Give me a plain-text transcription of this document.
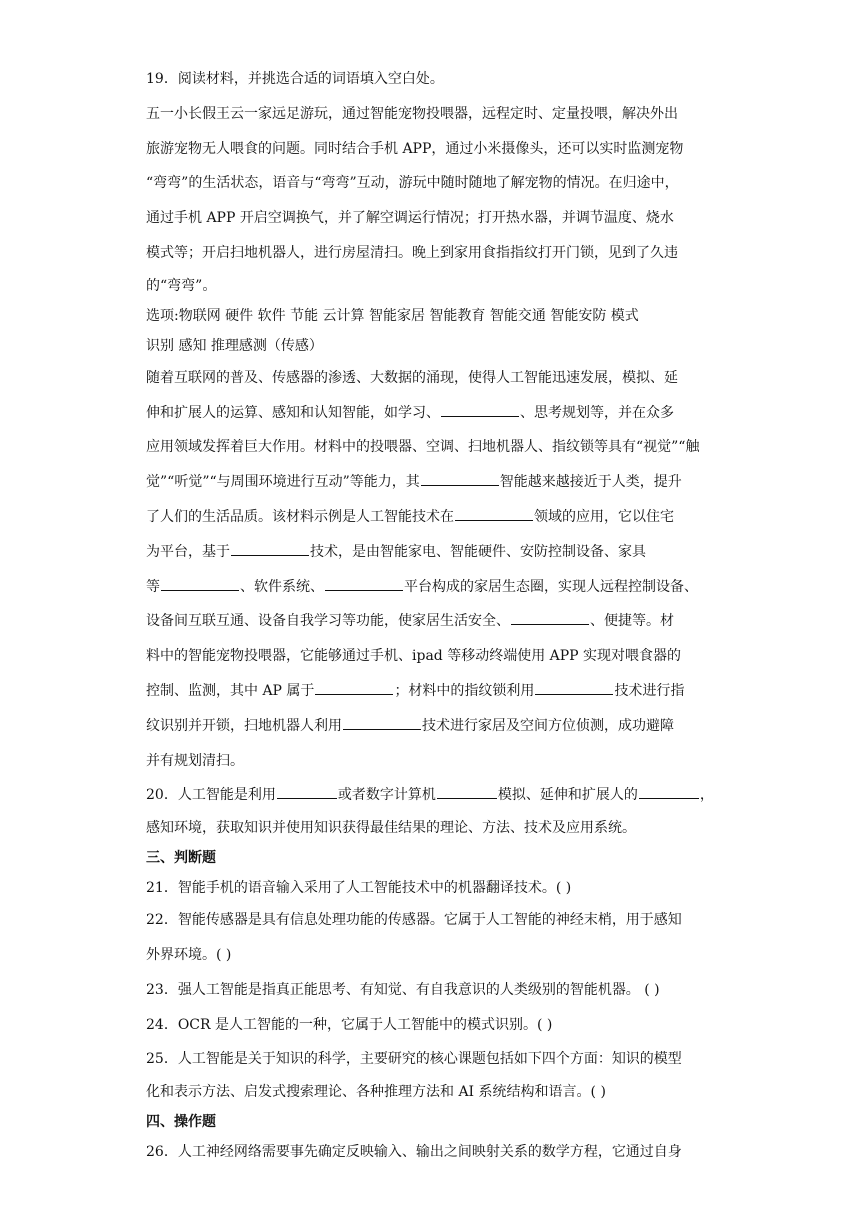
19．阅读材料，并挑选合适的词语填入空白处。

五一小长假王云一家远足游玩，通过智能宠物投喂器，远程定时、定量投喂，解决外出

旅游宠物无人喂食的问题。同时结合手机 APP，通过小米摄像头，还可以实时监测宠物

“弯弯”的生活状态，语音与“弯弯”互动，游玩中随时随地了解宠物的情况。在归途中，

通过手机 APP 开启空调换气，并了解空调运行情况；打开热水器，并调节温度、烧水

模式等；开启扫地机器人，进行房屋清扫。晚上到家用食指指纹打开门锁，见到了久违

的“弯弯”。

选项:物联网 硬件 软件 节能 云计算 智能家居 智能教育 智能交通 智能安防 模式

识别 感知 推理感测（传感）

随着互联网的普及、传感器的渗透、大数据的涌现，使得人工智能迅速发展，模拟、延

伸和扩展人的运算、感知和认知智能，如学习、	、思考规划等，并在众多

应用领域发挥着巨大作用。材料中的投喂器、空调、扫地机器人、指纹锁等具有“视觉”“触

觉”“听觉”“与周围环境进行互动”等能力，其	智能越来越接近于人类，提升

了人们的生活品质。该材料示例是人工智能技术在	领域的应用，它以住宅

为平台，基于	技术，是由智能家电、智能硬件、安防控制设备、家具

等	、软件系统、	平台构成的家居生态圈，实现人远程控制设备、

设备间互联互通、设备自我学习等功能，使家居生活安全、	、便捷等。材

料中的智能宠物投喂器，它能够通过手机、ipad 等移动终端使用 APP 实现对喂食器的

控制、监测，其中 AP 属于	；材料中的指纹锁利用	技术进行指

纹识别并开锁，扫地机器人利用	技术进行家居及空间方位侦测，成功避障

并有规划清扫。

20．人工智能是利用	或者数字计算机	模拟、延伸和扩展人的	，

感知环境，获取知识并使用知识获得最佳结果的理论、方法、技术及应用系统。

三、判断题

21．智能手机的语音输入采用了人工智能技术中的机器翻译技术。( )

22．智能传感器是具有信息处理功能的传感器。它属于人工智能的神经末梢，用于感知

外界环境。( )

23．强人工智能是指真正能思考、有知觉、有自我意识的人类级别的智能机器。 ( )

24．OCR 是人工智能的一种，它属于人工智能中的模式识别。( )

25．人工智能是关于知识的科学，主要研究的核心课题包括如下四个方面：知识的模型

化和表示方法、启发式搜索理论、各种推理方法和 AI 系统结构和语言。( )

四、操作题

26．人工神经网络需要事先确定反映输入、输出之间映射关系的数学方程，它通过自身
